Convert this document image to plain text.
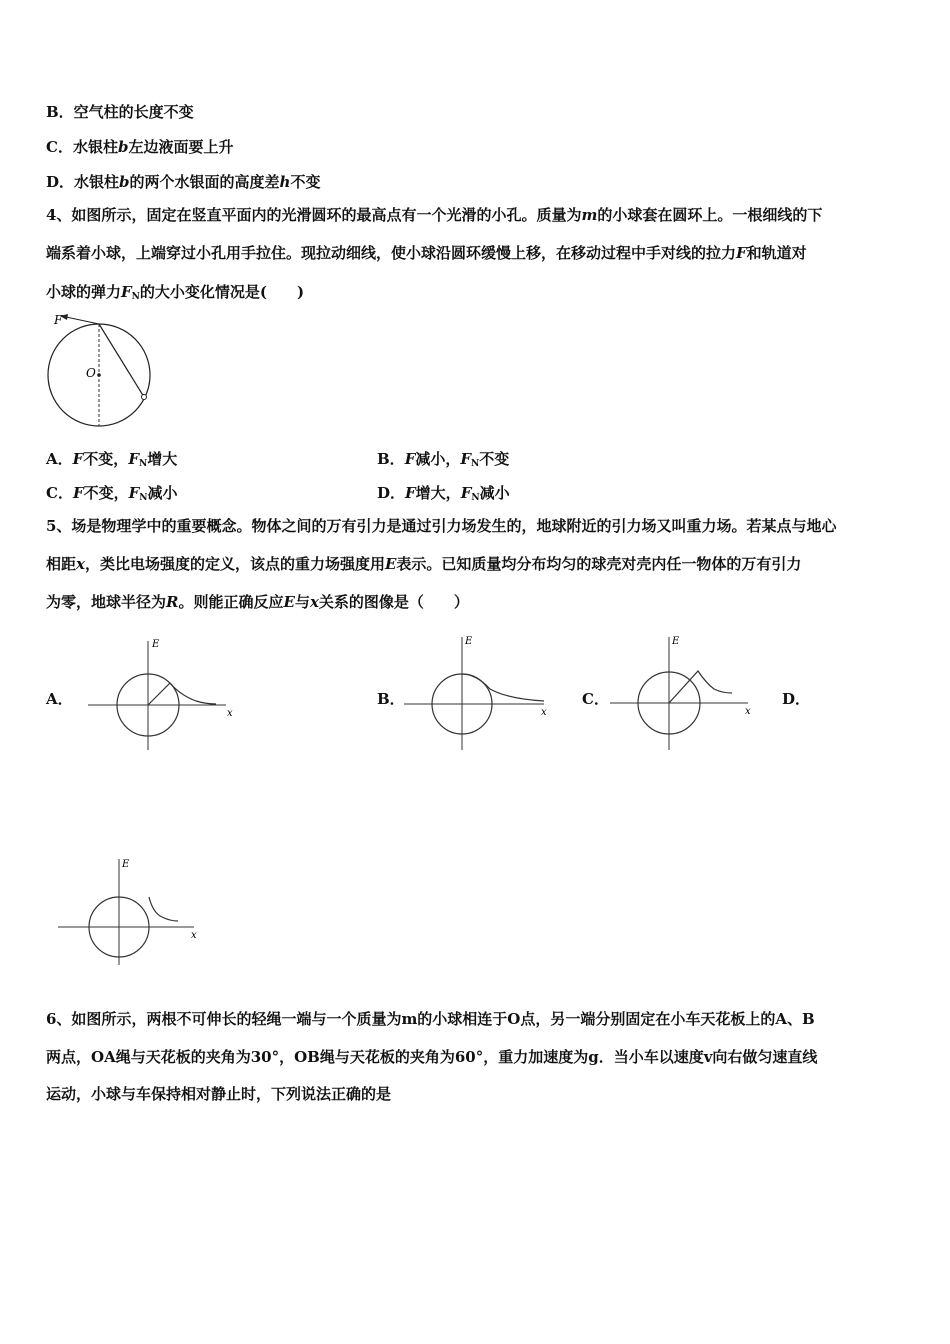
B．空气柱的长度不变
C．水银柱b左边液面要上升
D．水银柱b的两个水银面的高度差h不变
4、如图所示，固定在竖直平面内的光滑圆环的最高点有一个光滑的小孔。质量为m的小球套在圆环上。一根细线的下
端系着小球，上端穿过小孔用手拉住。现拉动细线，使小球沿圆环缓慢上移，在移动过程中手对线的拉力F和轨道对
小球的弹力$F_N$的大小变化情况是(　　)
F
O
A．F不变，$F_N$增大	B．F减小，$F_N$不变
C．F不变，$F_N$减小	D．F增大，$F_N$减小
5、场是物理学中的重要概念。物体之间的万有引力是通过引力场发生的，地球附近的引力场又叫重力场。若某点与地心
相距x，类比电场强度的定义，该点的重力场强度用E表示。已知质量均分布均匀的球壳对壳内任一物体的万有引力
为零，地球半径为R。则能正确反应E与x关系的图像是（　　）
A．	B．	C．	D．
E
x
E
x
E
x
E
x
6、如图所示，两根不可伸长的轻绳一端与一个质量为m的小球相连于O点，另一端分别固定在小车天花板上的A、B
两点，OA绳与天花板的夹角为30°，OB绳与天花板的夹角为60°，重力加速度为g．当小车以速度v向右做匀速直线
运动，小球与车保持相对静止时，下列说法正确的是
